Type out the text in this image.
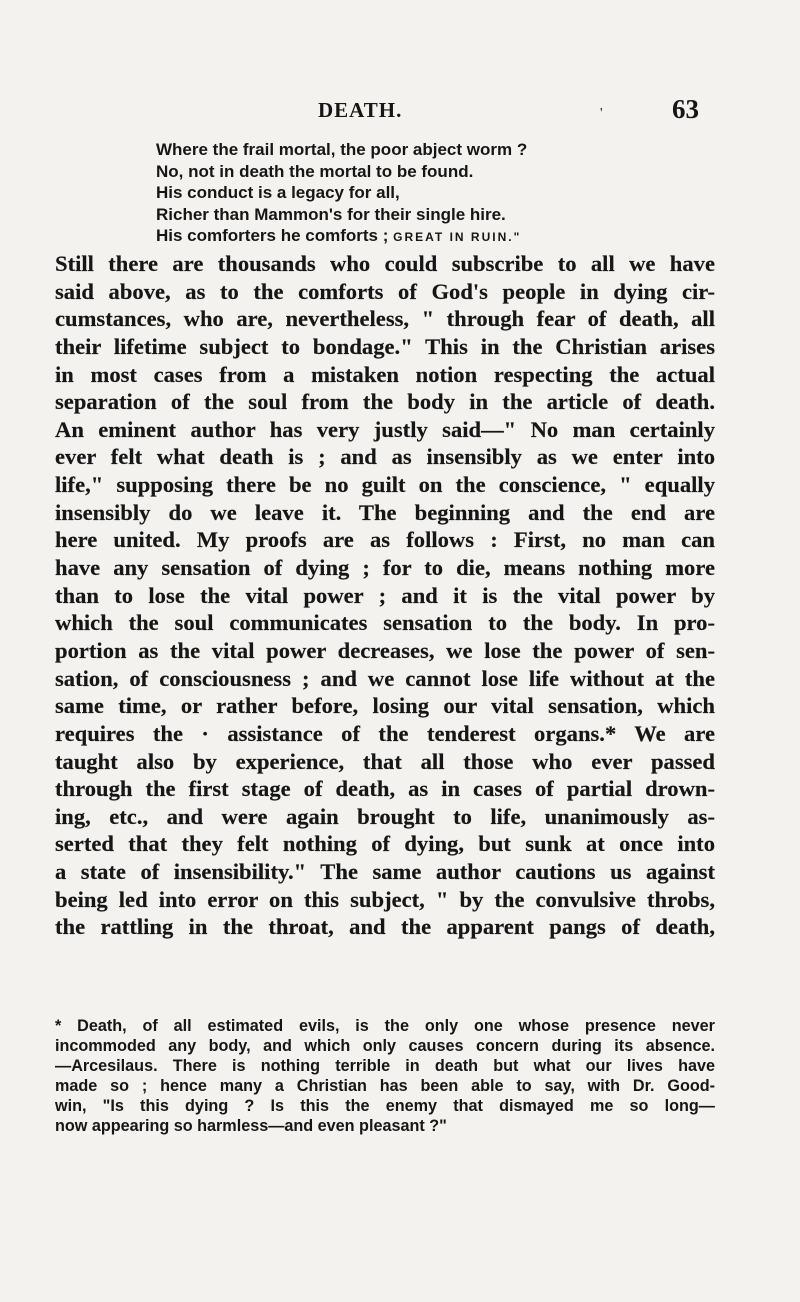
DEATH.	'	63
Where the frail mortal, the poor abject worm ?
No, not in death the mortal to be found.
His conduct is a legacy for all,
Richer than Mammon's for their single hire.
His comforters he comforts ; GREAT IN RUIN."
Still there are thousands who could subscribe to all we have
said above, as to the comforts of God's people in dying cir-
cumstances, who are, nevertheless, " through fear of death, all
their lifetime subject to bondage." This in the Christian arises
in most cases from a mistaken notion respecting the actual
separation of the soul from the body in the article of death.
An eminent author has very justly said—" No man certainly
ever felt what death is ; and as insensibly as we enter into
life," supposing there be no guilt on the conscience, " equally
insensibly do we leave it. The beginning and the end are
here united. My proofs are as follows : First, no man can
have any sensation of dying ; for to die, means nothing more
than to lose the vital power ; and it is the vital power by
which the soul communicates sensation to the body. In pro-
portion as the vital power decreases, we lose the power of sen-
sation, of consciousness ; and we cannot lose life without at the
same time, or rather before, losing our vital sensation, which
requires the · assistance of the tenderest organs.* We are
taught also by experience, that all those who ever passed
through the first stage of death, as in cases of partial drown-
ing, etc., and were again brought to life, unanimously as-
serted that they felt nothing of dying, but sunk at once into
a state of insensibility." The same author cautions us against
being led into error on this subject, " by the convulsive throbs,
the rattling in the throat, and the apparent pangs of death,
* Death, of all estimated evils, is the only one whose presence never
incommoded any body, and which only causes concern during its absence.
—Arcesilaus. There is nothing terrible in death but what our lives have
made so ; hence many a Christian has been able to say, with Dr. Good-
win, "Is this dying ? Is this the enemy that dismayed me so long—
now appearing so harmless—and even pleasant ?"
